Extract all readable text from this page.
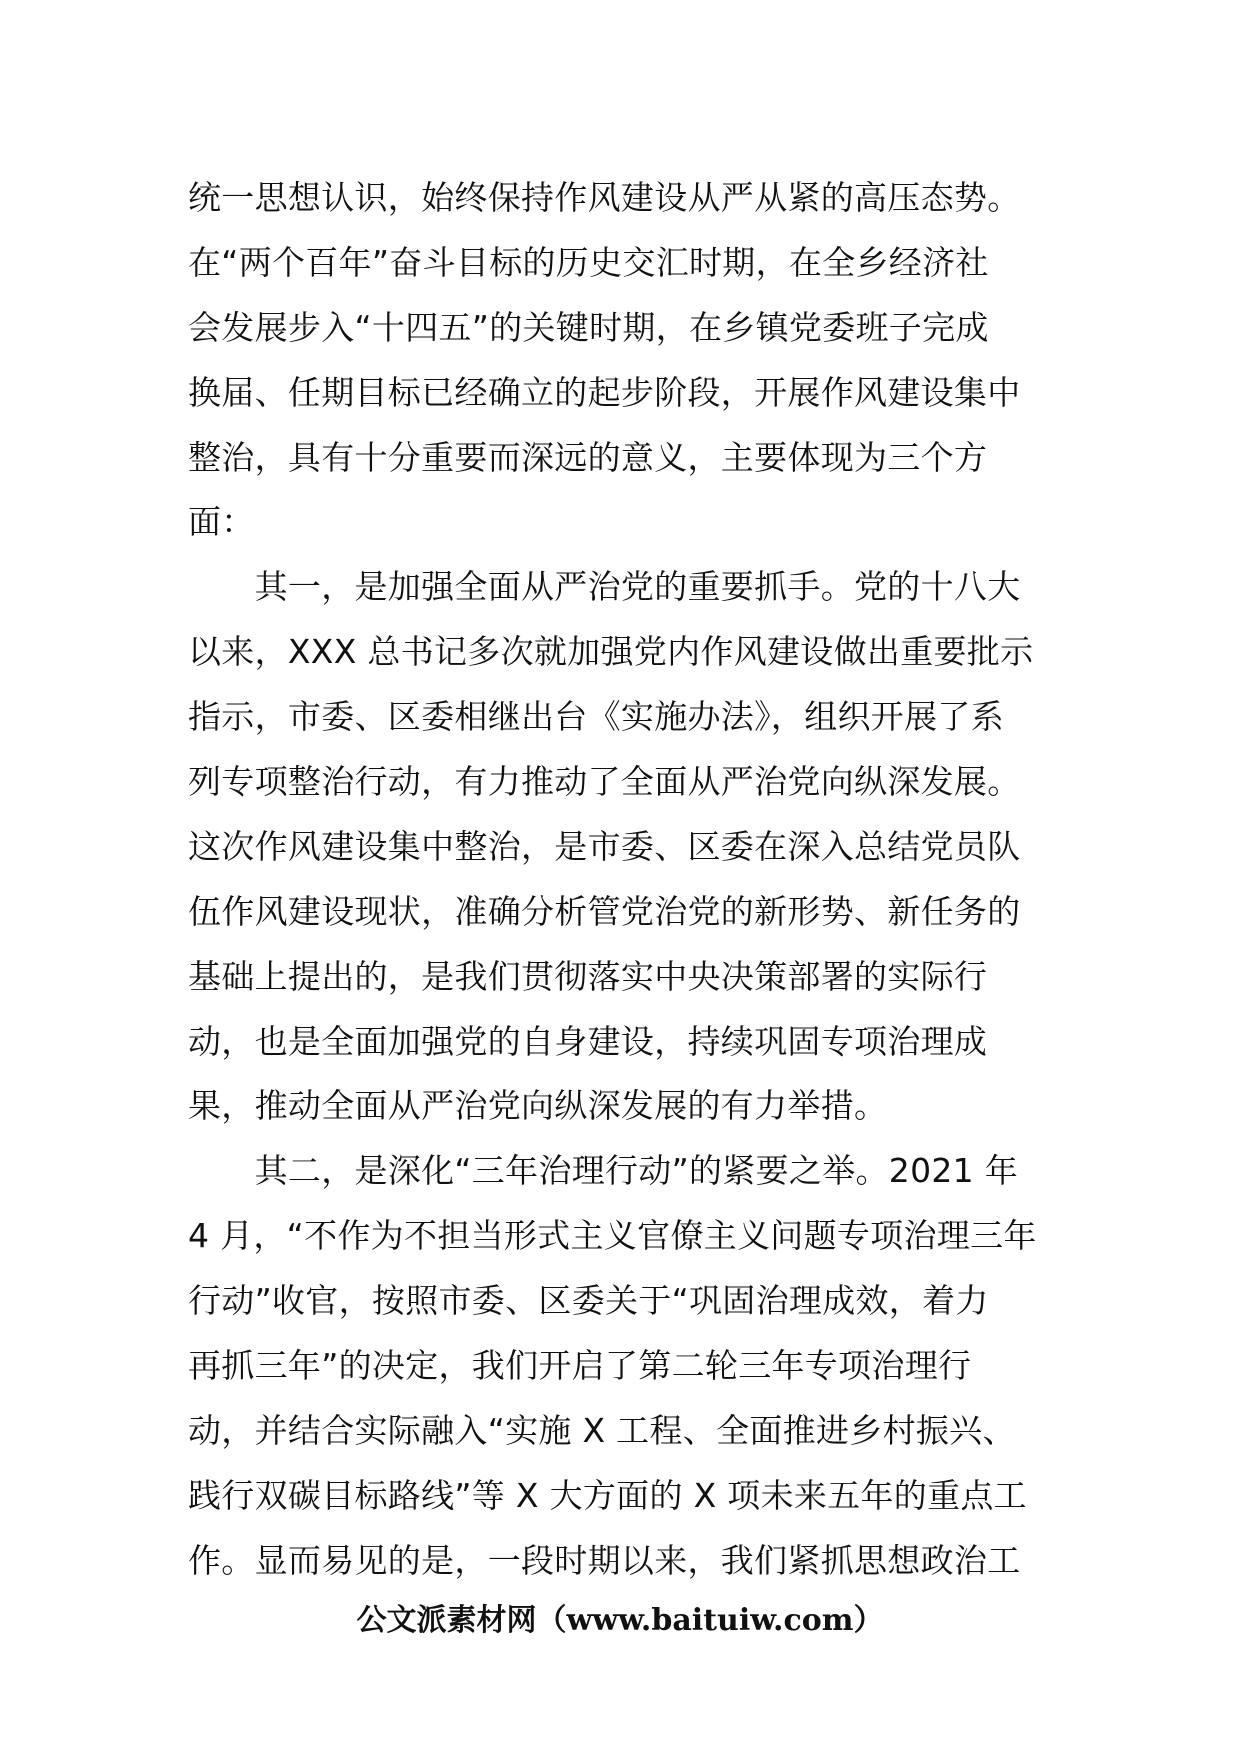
统一思想认识，始终保持作风建设从严从紧的高压态势。
在“两个百年”奋斗目标的历史交汇时期，在全乡经济社
会发展步入“十四五”的关键时期，在乡镇党委班子完成
换届、任期目标已经确立的起步阶段，开展作风建设集中
整治，具有十分重要而深远的意义，主要体现为三个方
面：
　　其一，是加强全面从严治党的重要抓手。党的十八大
以来，XXX 总书记多次就加强党内作风建设做出重要批示
指示，市委、区委相继出台《实施办法》，组织开展了系
列专项整治行动，有力推动了全面从严治党向纵深发展。
这次作风建设集中整治，是市委、区委在深入总结党员队
伍作风建设现状，准确分析管党治党的新形势、新任务的
基础上提出的，是我们贯彻落实中央决策部署的实际行
动，也是全面加强党的自身建设，持续巩固专项治理成
果，推动全面从严治党向纵深发展的有力举措。
　　其二，是深化“三年治理行动”的紧要之举。2021 年
4 月，“不作为不担当形式主义官僚主义问题专项治理三年
行动”收官，按照市委、区委关于“巩固治理成效，着力
再抓三年”的决定，我们开启了第二轮三年专项治理行
动，并结合实际融入“实施 X 工程、全面推进乡村振兴、
践行双碳目标路线”等 X 大方面的 X 项未来五年的重点工
作。显而易见的是，一段时期以来，我们紧抓思想政治工
公文派素材网（www.baituiw.com）
